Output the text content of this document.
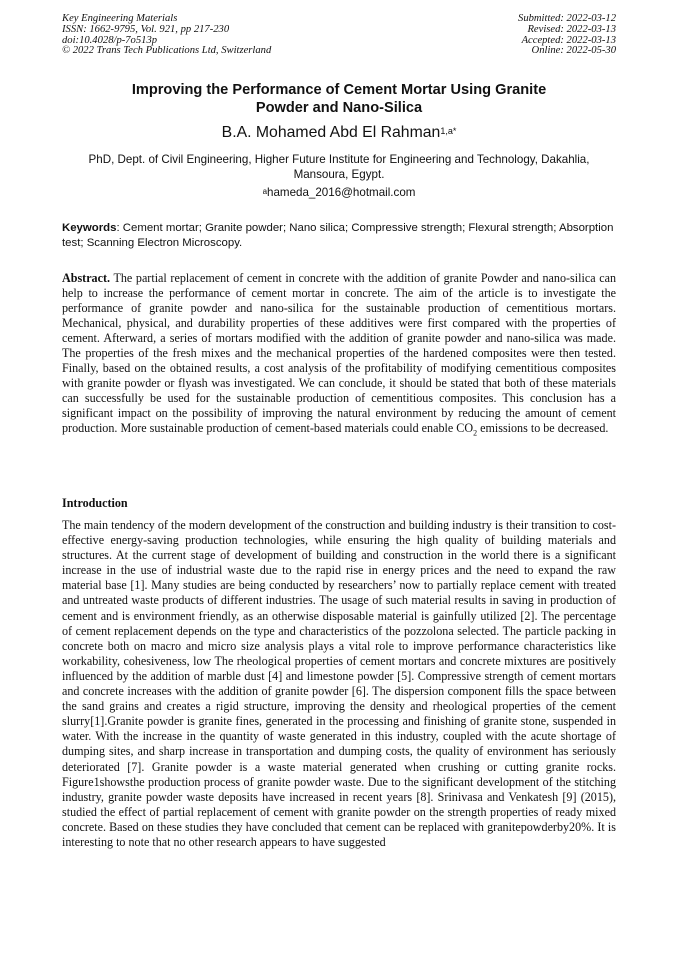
Key Engineering Materials
ISSN: 1662-9795, Vol. 921, pp 217-230
doi:10.4028/p-7o513p
© 2022 Trans Tech Publications Ltd, Switzerland
Submitted: 2022-03-12
Revised: 2022-03-13
Accepted: 2022-03-13
Online: 2022-05-30
Improving the Performance of Cement Mortar Using Granite
Powder and Nano-Silica
B.A. Mohamed Abd El Rahman$^{1,a*}$
PhD, Dept. of Civil Engineering, Higher Future Institute for Engineering and Technology, Dakahlia, Mansoura, Egypt.
$^a$hameda_2016@hotmail.com
Keywords: Cement mortar; Granite powder; Nano silica; Compressive strength; Flexural strength; Absorption test; Scanning Electron Microscopy.
Abstract. The partial replacement of cement in concrete with the addition of granite Powder and nano-silica can help to increase the performance of cement mortar in concrete. The aim of the article is to investigate the performance of granite powder and nano-silica for the sustainable production of cementitious mortars. Mechanical, physical, and durability properties of these additives were first compared with the properties of cement. Afterward, a series of mortars modified with the addition of granite powder and nano-silica was made. The properties of the fresh mixes and the mechanical properties of the hardened composites were then tested. Finally, based on the obtained results, a cost analysis of the profitability of modifying cementitious composites with granite powder or flyash was investigated. We can conclude, it should be stated that both of these materials can successfully be used for the sustainable production of cementitious composites. This conclusion has a significant impact on the possibility of improving the natural environment by reducing the amount of cement production. More sustainable production of cement-based materials could enable $CO_2$ emissions to be decreased.
Introduction
The main tendency of the modern development of the construction and building industry is their transition to cost-effective energy-saving production technologies, while ensuring the high quality of building materials and structures. At the current stage of development of building and construction in the world there is a significant increase in the use of industrial waste due to the rapid rise in energy prices and the need to expand the raw material base [1]. Many studies are being conducted by researchers’ now to partially replace cement with treated and untreated waste products of different industries. The usage of such material results in saving in production of cement and is environment friendly, as an otherwise disposable material is gainfully utilized [2]. The percentage of cement replacement depends on the type and characteristics of the pozzolona selected. The particle packing in concrete both on macro and micro size analysis plays a vital role to improve performance characteristics like workability, cohesiveness, low The rheological properties of cement mortars and concrete mixtures are positively influenced by the addition of marble dust [4] and limestone powder [5]. Compressive strength of cement mortars and concrete increases with the addition of granite powder [6]. The dispersion component fills the space between the sand grains and creates a rigid structure, improving the density and rheological properties of the cement slurry[1].Granite powder is granite fines, generated in the processing and finishing of granite stone, suspended in water. With the increase in the quantity of waste generated in this industry, coupled with the acute shortage of dumping sites, and sharp increase in transportation and dumping costs, the quality of environment has seriously deteriorated [7]. Granite powder is a waste material generated when crushing or cutting granite rocks. Figure1showsthe production process of granite powder waste. Due to the significant development of the stitching industry, granite powder waste deposits have increased in recent years [8]. Srinivasa and Venkatesh [9] (2015), studied the effect of partial replacement of cement with granite powder on the strength properties of ready mixed concrete. Based on these studies they have concluded that cement can be replaced with granitepowderby20%. It is interesting to note that no other research appears to have suggested
